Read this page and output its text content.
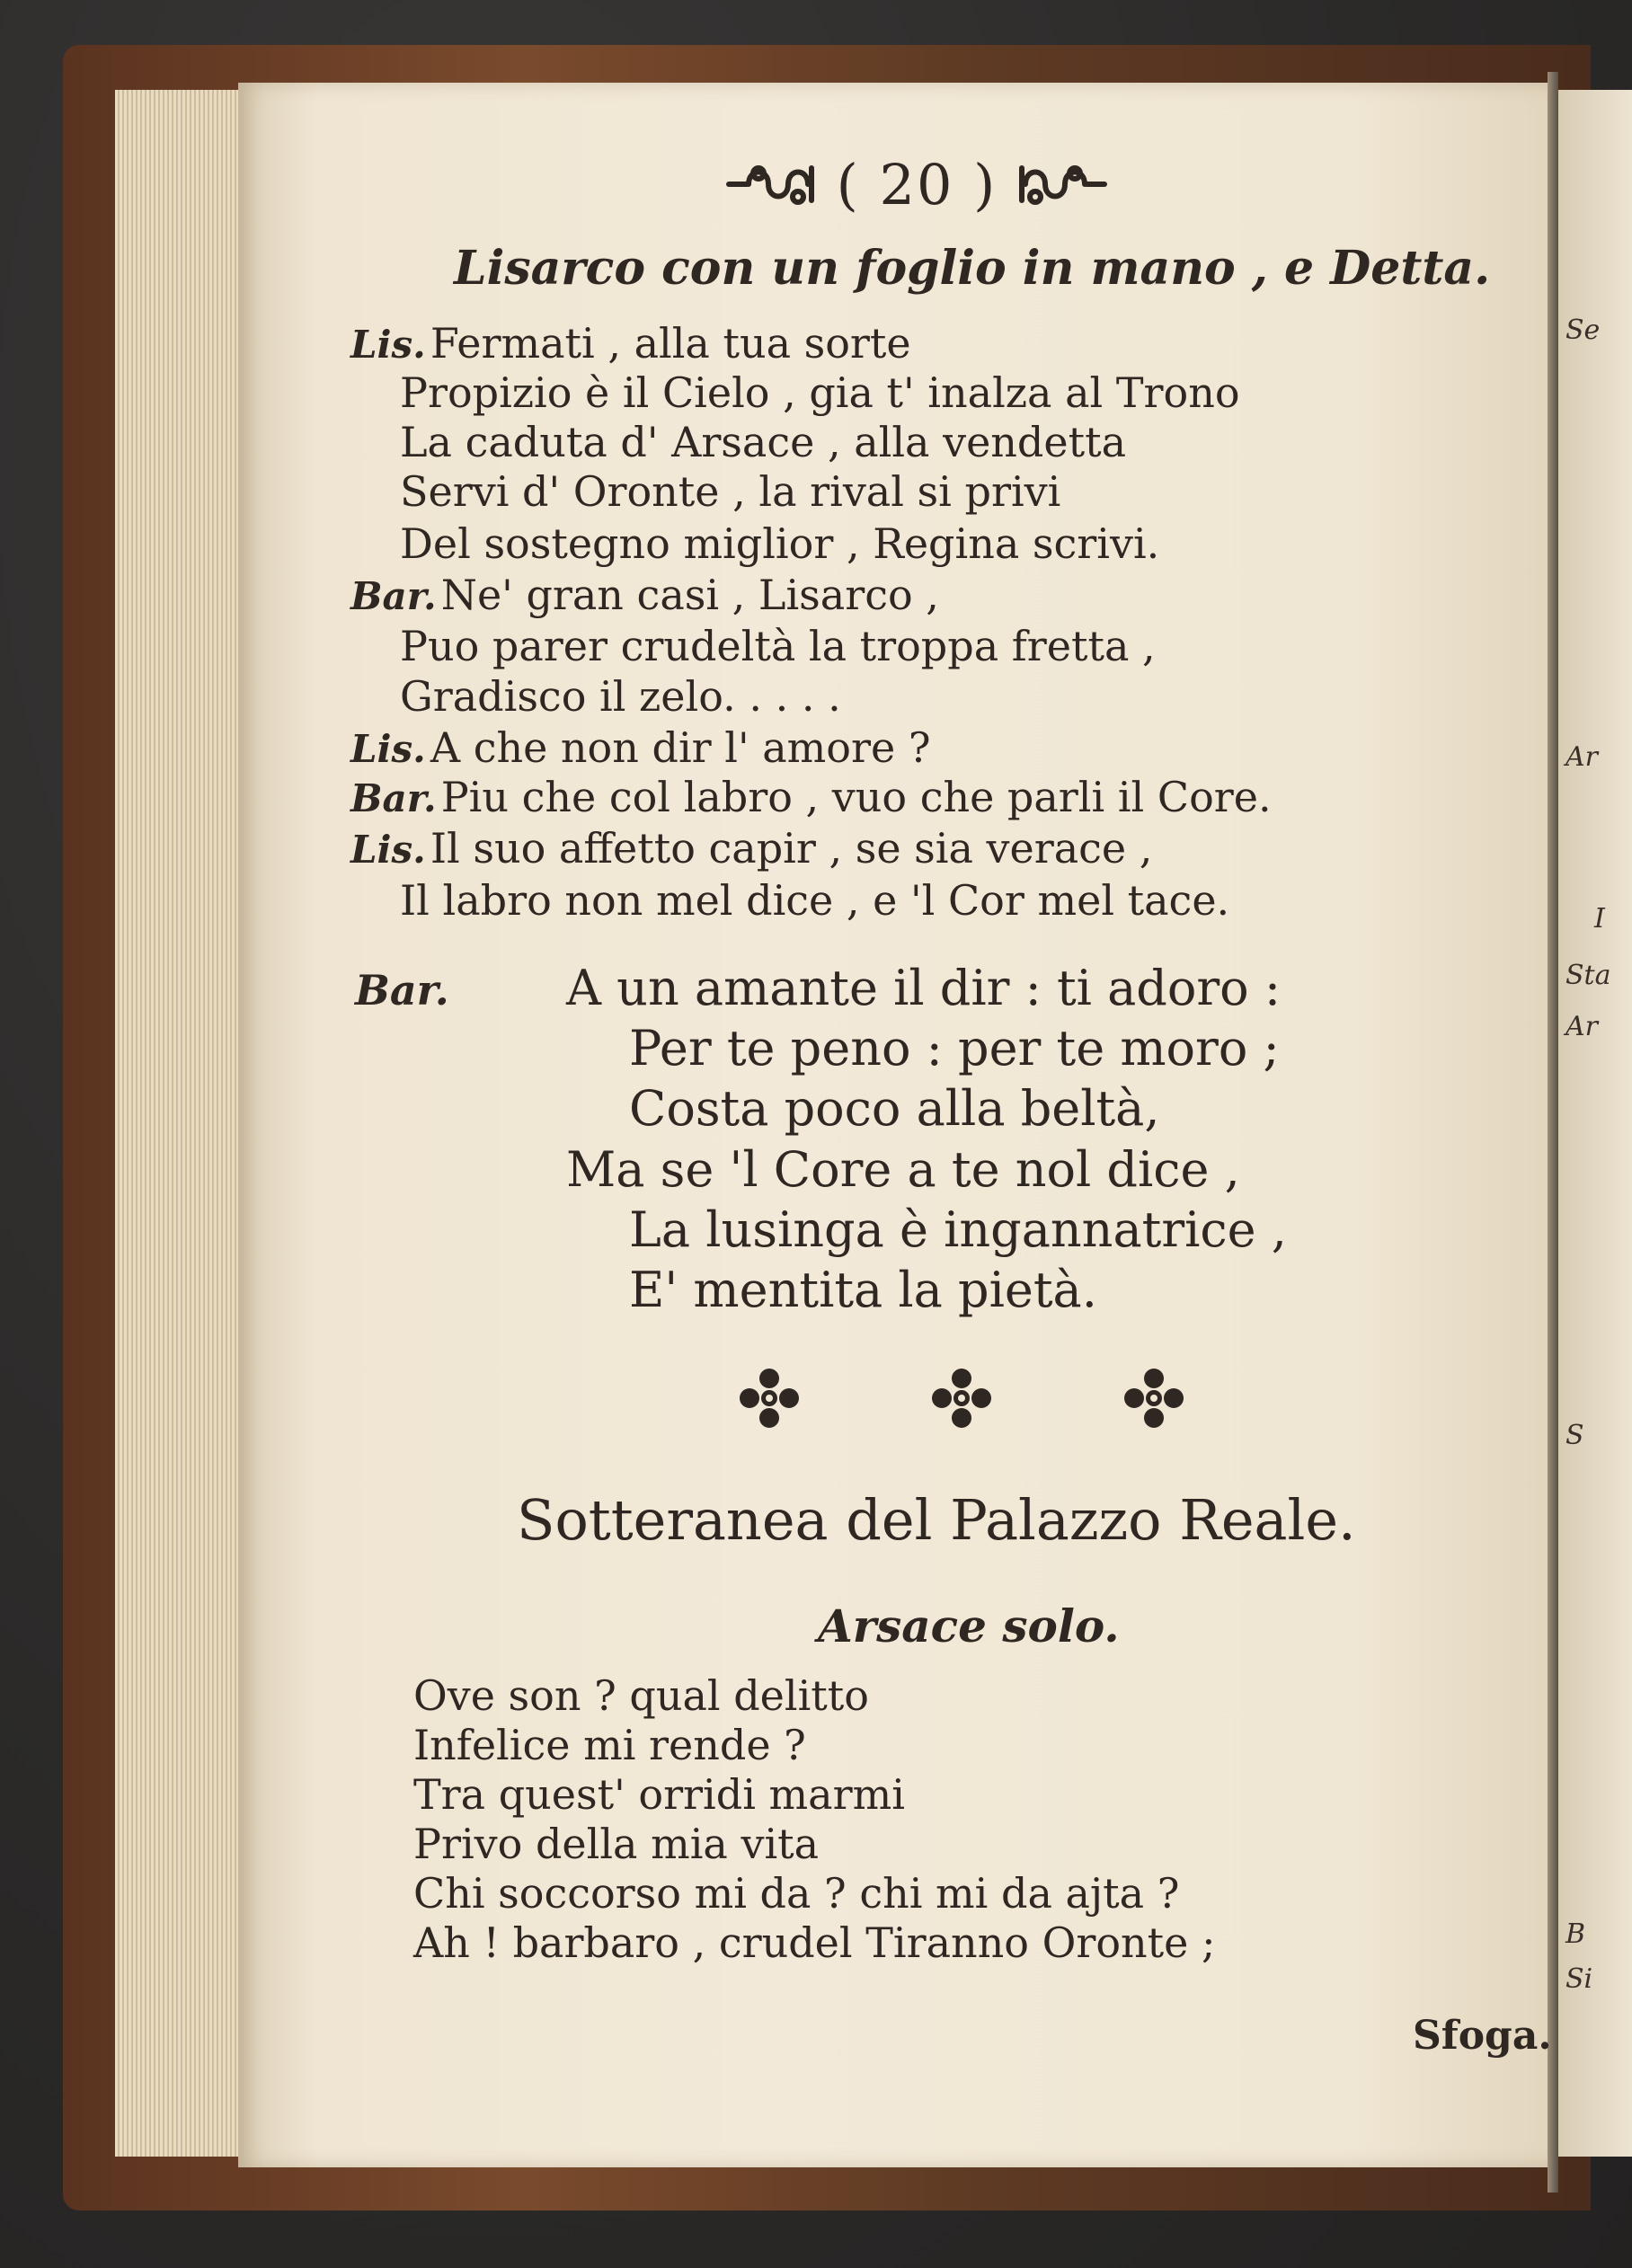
Se
Ar
I
Sta
Ar
S
B
Si
( 20 )
Lisarco con un foglio in mano , e Detta.
Lis. Fermati , alla tua sorte
Propizio è il Cielo , gia t' inalza al Trono
La caduta d' Arsace , alla vendetta
Servi d' Oronte , la rival si privi
Del sostegno miglior , Regina scrivi.
Bar. Ne' gran casi , Lisarco ,
Puo parer crudeltà la troppa fretta ,
Gradisco il zelo. . . . .
Lis. A che non dir l' amore ?
Bar. Piu che col labro , vuo che parli il Core.
Lis. Il suo affetto capir , se sia verace ,
Il labro non mel dice , e 'l Cor mel tace.
Bar. A un amante il dir : ti adoro :
Per te peno : per te moro ;
Costa poco alla beltà,
Ma se 'l Core a te nol dice ,
La lusinga è ingannatrice ,
E' mentita la pietà.
Sotteranea del Palazzo Reale.
Arsace solo.
Ove son ? qual delitto
Infelice mi rende ?
Tra quest' orridi marmi
Privo della mia vita
Chi soccorso mi da ? chi mi da ajta ?
Ah ! barbaro , crudel Tiranno Oronte ;
Sfoga.
